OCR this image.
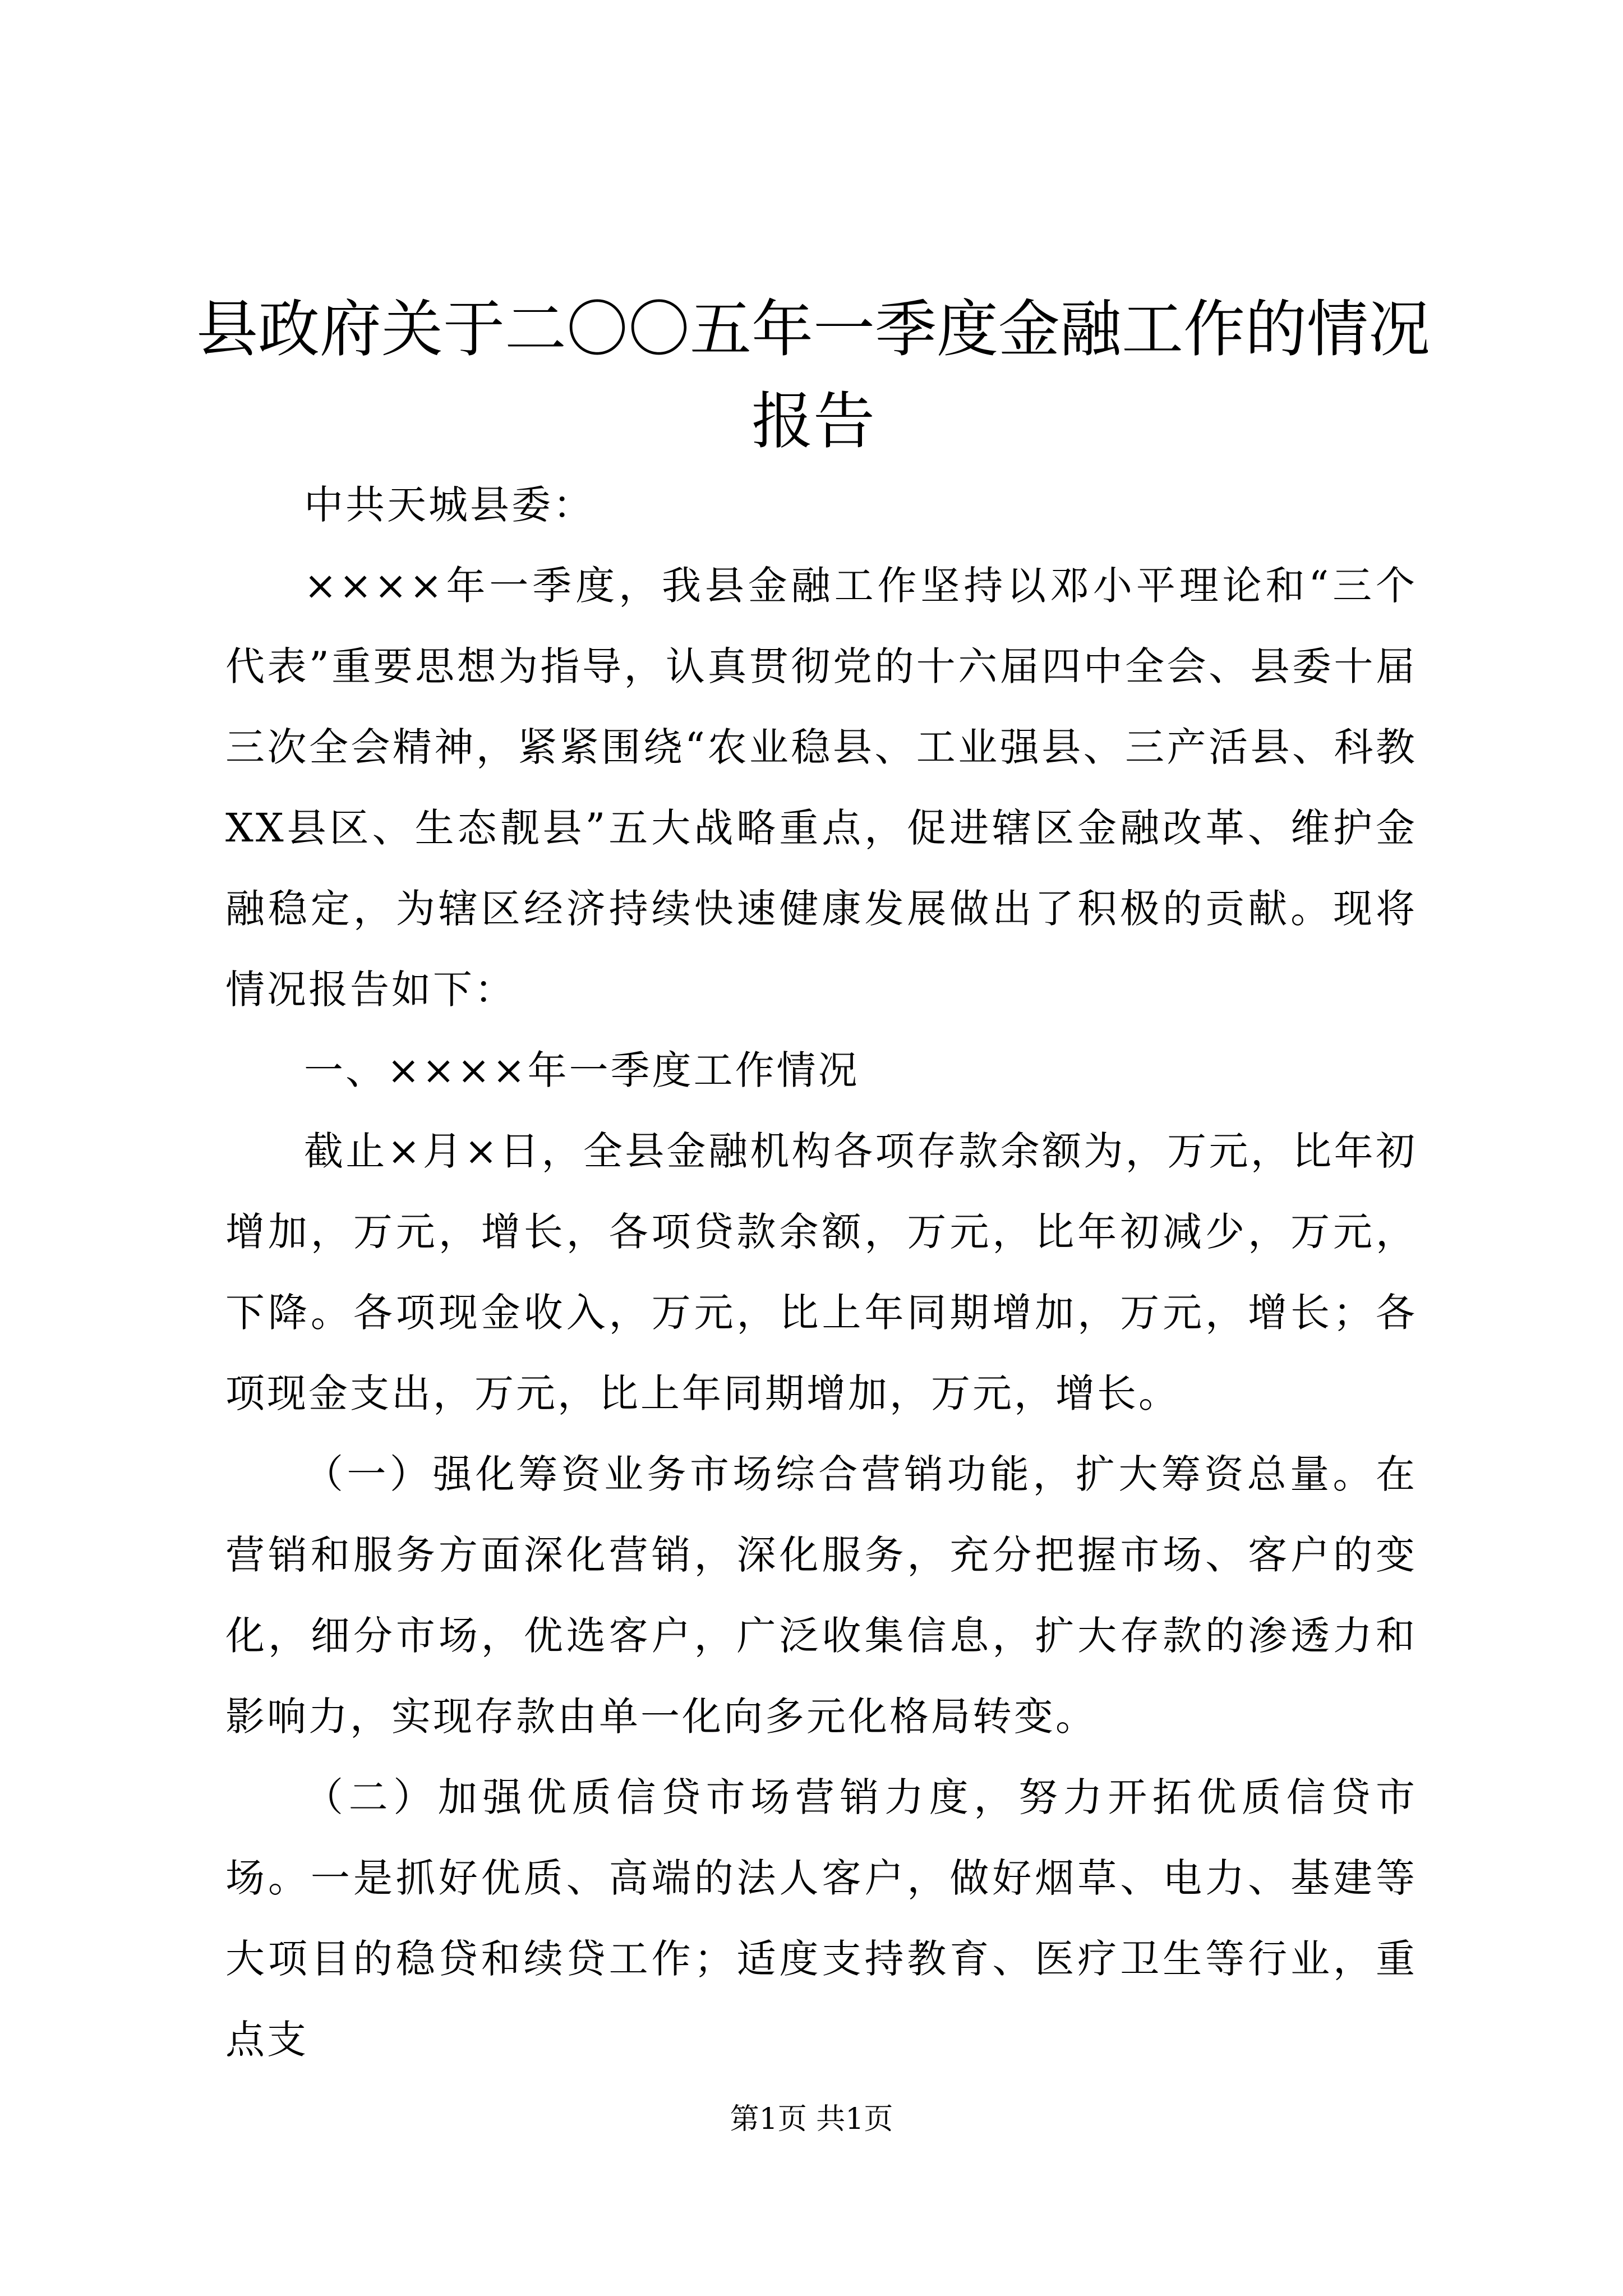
县政府关于二〇〇五年一季度金融工作的情况报告

中共天城县委：

××××年一季度，我县金融工作坚持以邓小平理论和“三个代表”重要思想为指导，认真贯彻党的十六届四中全会、县委十届三次全会精神，紧紧围绕“农业稳县、工业强县、三产活县、科教XX县区、生态靓县”五大战略重点，促进辖区金融改革、维护金融稳定，为辖区经济持续快速健康发展做出了积极的贡献。现将情况报告如下：

一、××××年一季度工作情况

截止×月×日，全县金融机构各项存款余额为，万元，比年初增加，万元，增长，各项贷款余额，万元，比年初减少，万元，下降。各项现金收入，万元，比上年同期增加，万元，增长；各项现金支出，万元，比上年同期增加，万元，增长。

（一）强化筹资业务市场综合营销功能，扩大筹资总量。在营销和服务方面深化营销，深化服务，充分把握市场、客户的变化，细分市场，优选客户，广泛收集信息，扩大存款的渗透力和影响力，实现存款由单一化向多元化格局转变。

（二）加强优质信贷市场营销力度，努力开拓优质信贷市场。一是抓好优质、高端的法人客户，做好烟草、电力、基建等大项目的稳贷和续贷工作；适度支持教育、医疗卫生等行业，重点支

第1页 共1页
